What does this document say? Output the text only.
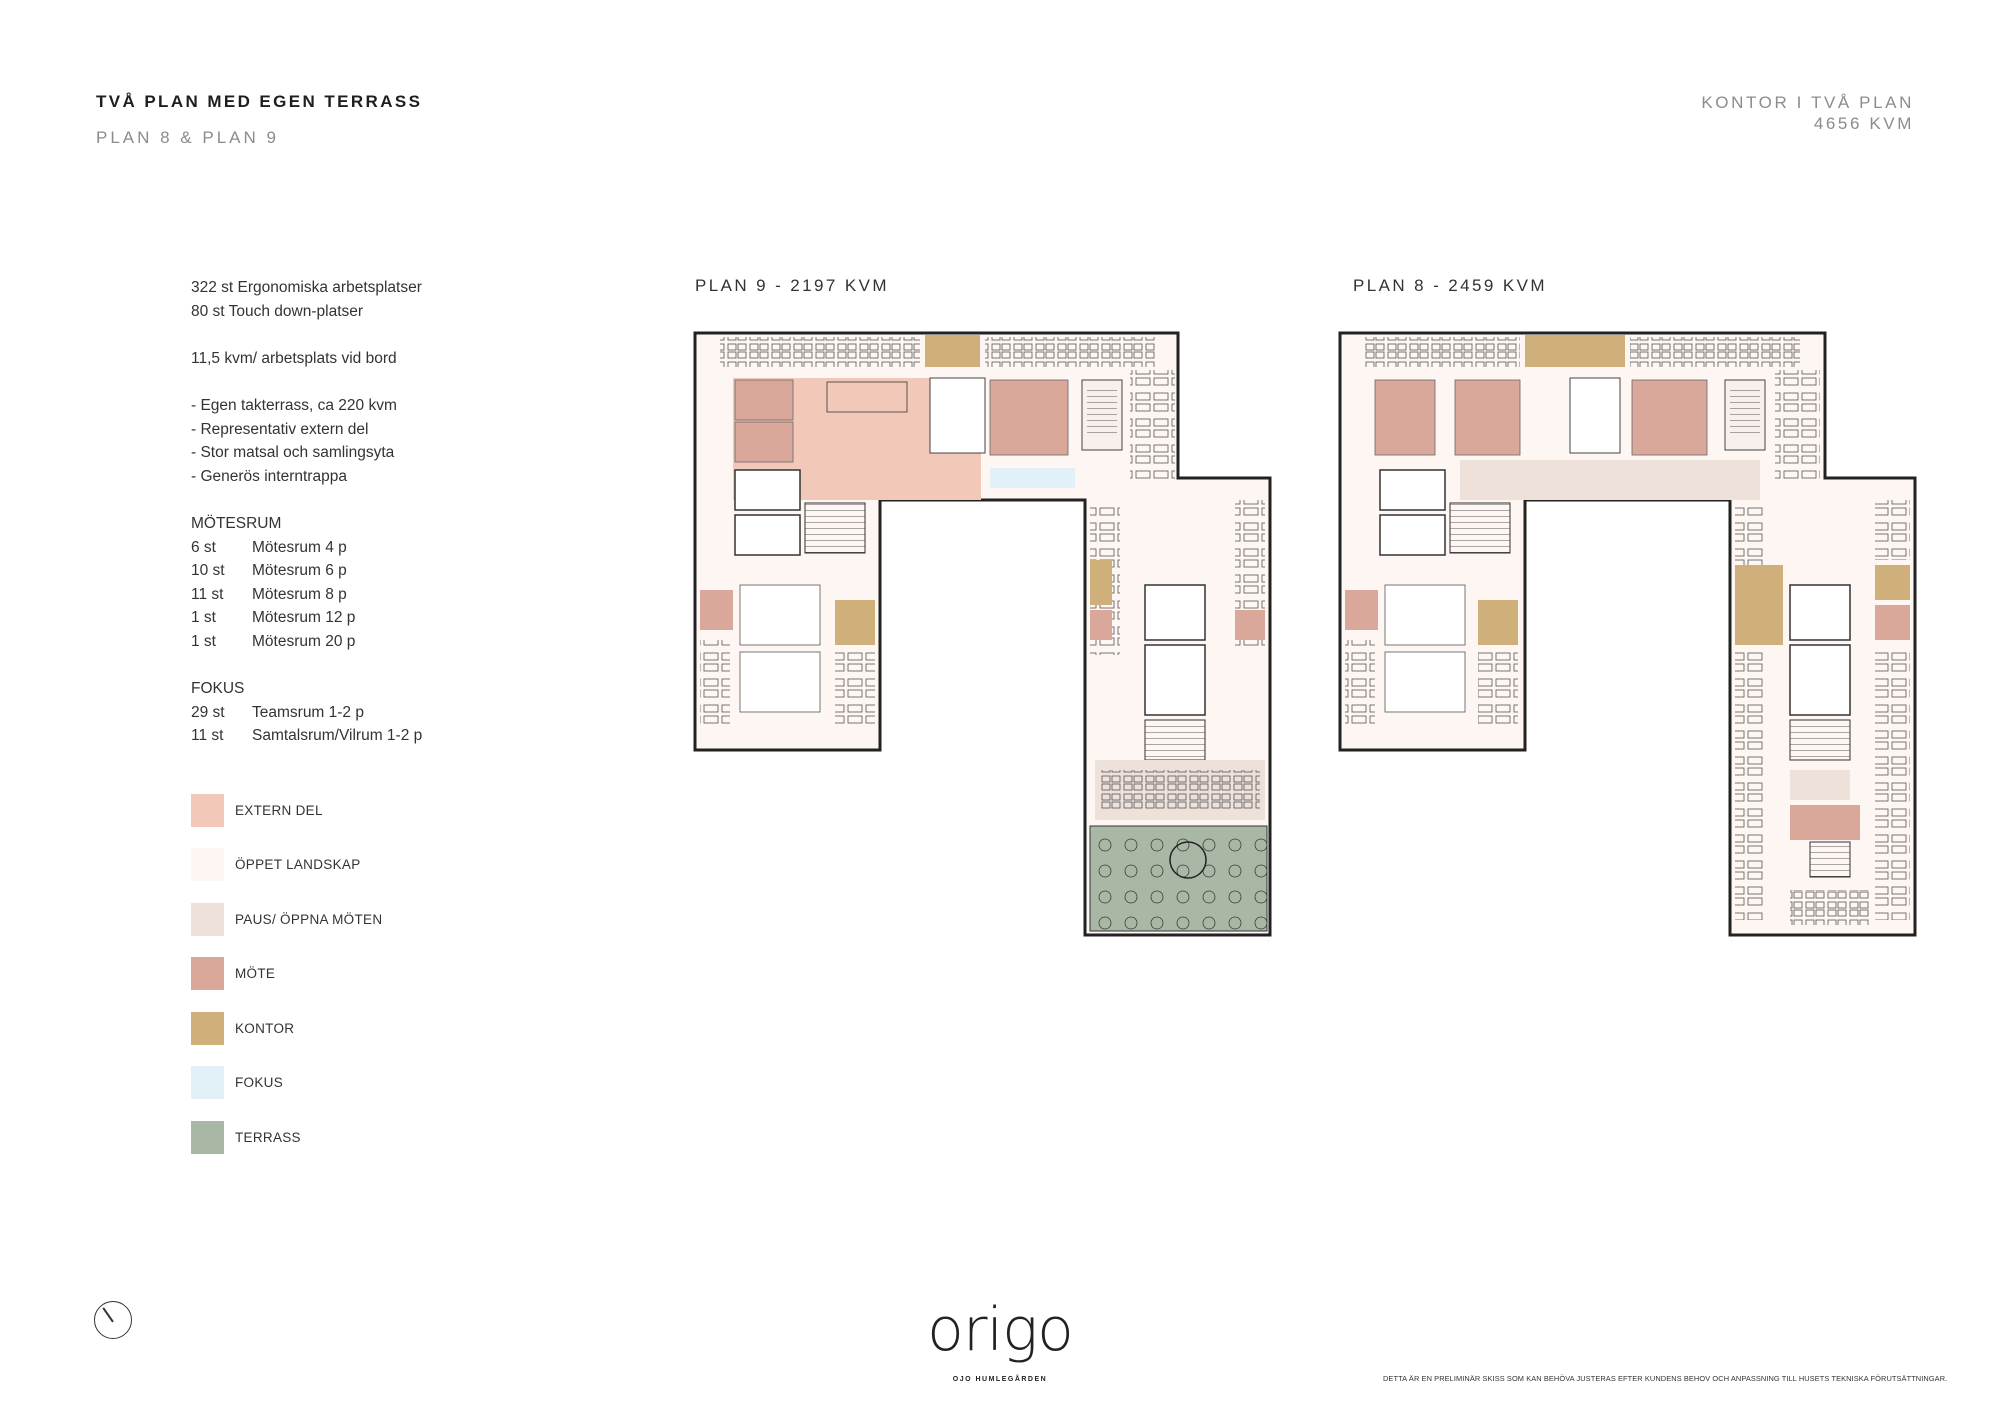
TVÅ PLAN MED EGEN TERRASS
PLAN 8 & PLAN 9
KONTOR I TVÅ PLAN
4656 KVM
322 st Ergonomiska arbetsplatser
80 st Touch down-platser
11,5 kvm/ arbetsplats vid bord
- Egen takterrass, ca 220 kvm
- Representativ extern del
- Stor matsal och samlingsyta
- Generös interntrappa
MÖTESRUM
6 st	Mötesrum 4 p
10 st	Mötesrum 6 p
11 st	Mötesrum 8 p
1 st	Mötesrum 12 p
1 st	Mötesrum 20 p
FOKUS
29 st	Teamsrum 1-2 p
11 st	Samtalsrum/Vilrum 1-2 p
EXTERN DEL
ÖPPET LANDSKAP
PAUS/ ÖPPNA MÖTEN
MÖTE
KONTOR
FOKUS
TERRASS
PLAN 9 - 2197 KVM	PLAN 8 - 2459 KVM
origo
OJO HUMLEGÅRDEN	DETTA ÄR EN PRELIMINÄR SKISS SOM KAN BEHÖVA JUSTERAS EFTER KUNDENS BEHOV OCH ANPASSNING TILL HUSETS TEKNISKA FÖRUTSÄTTNINGAR.
